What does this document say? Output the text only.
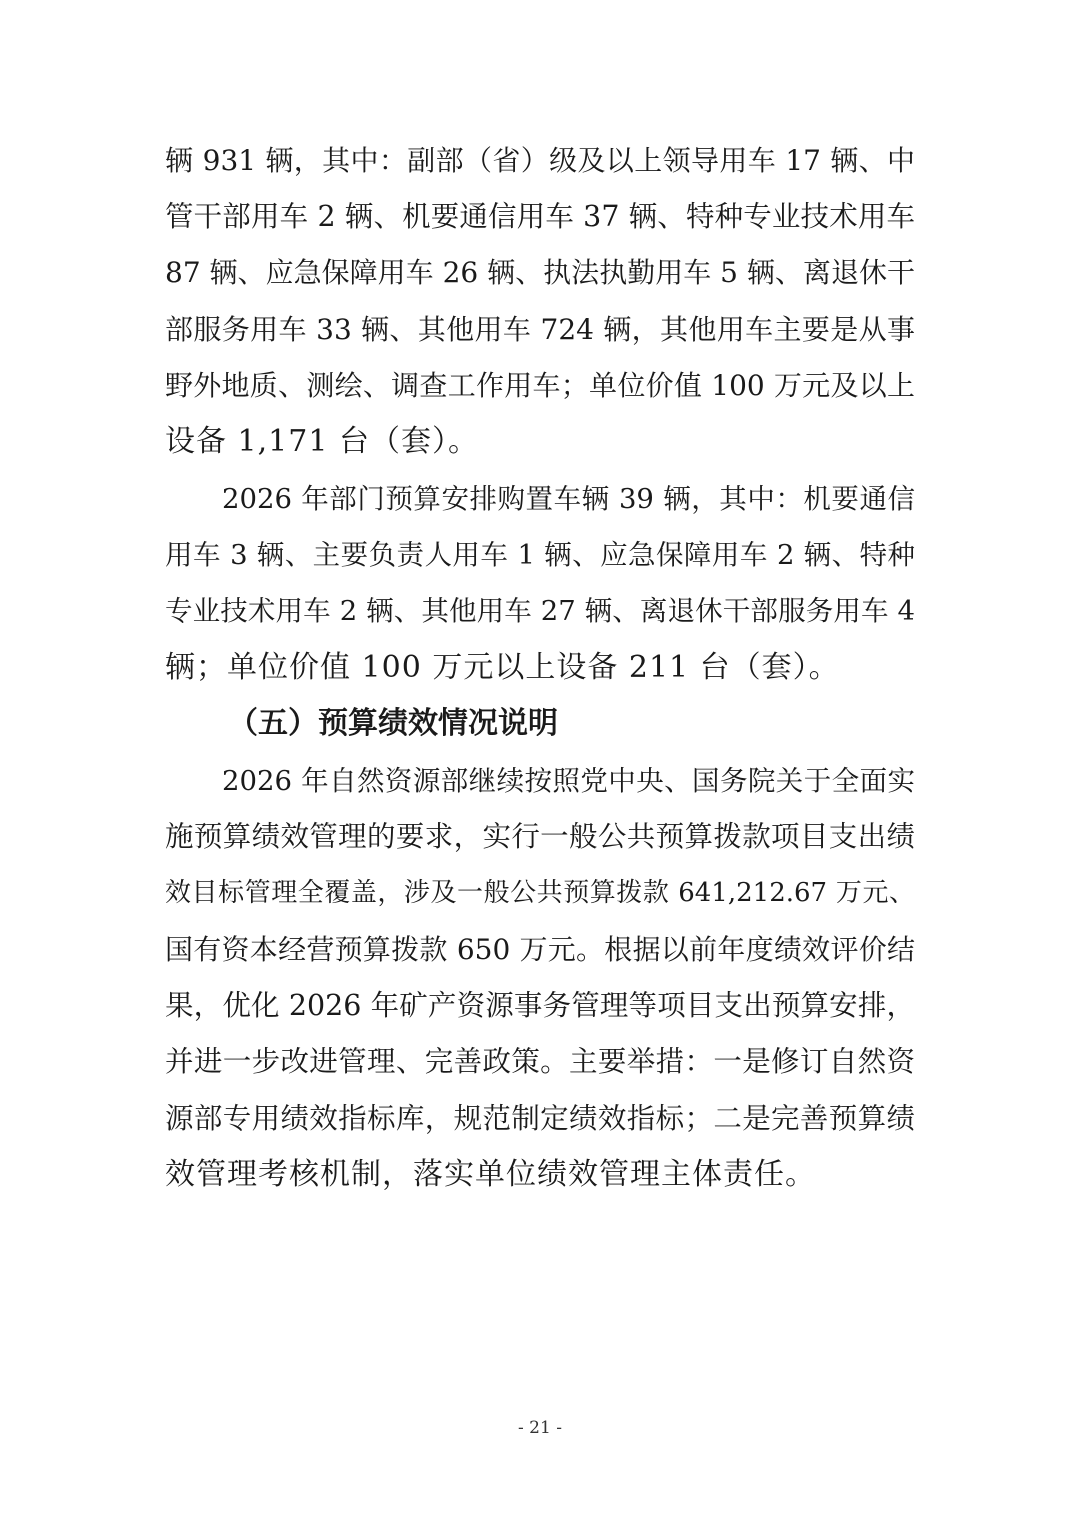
辆 931 辆，其中：副部（省）级及以上领导用车 17 辆、中
管干部用车 2 辆、机要通信用车 37 辆、特种专业技术用车
87 辆、应急保障用车 26 辆、执法执勤用车 5 辆、离退休干
部服务用车 33 辆、其他用车 724 辆，其他用车主要是从事
野外地质、测绘、调查工作用车；单位价值 100 万元及以上
设备 1,171 台（套）。
2026 年部门预算安排购置车辆 39 辆，其中：机要通信
用车 3 辆、主要负责人用车 1 辆、应急保障用车 2 辆、特种
专业技术用车 2 辆、其他用车 27 辆、离退休干部服务用车 4
辆；单位价值 100 万元以上设备 211 台（套）。
（五）预算绩效情况说明
2026 年自然资源部继续按照党中央、国务院关于全面实
施预算绩效管理的要求，实行一般公共预算拨款项目支出绩
效目标管理全覆盖，涉及一般公共预算拨款 641,212.67 万元、
国有资本经营预算拨款 650 万元。根据以前年度绩效评价结
果，优化 2026 年矿产资源事务管理等项目支出预算安排，
并进一步改进管理、完善政策。主要举措：一是修订自然资
源部专用绩效指标库，规范制定绩效指标；二是完善预算绩
效管理考核机制，落实单位绩效管理主体责任。
- 21 -
